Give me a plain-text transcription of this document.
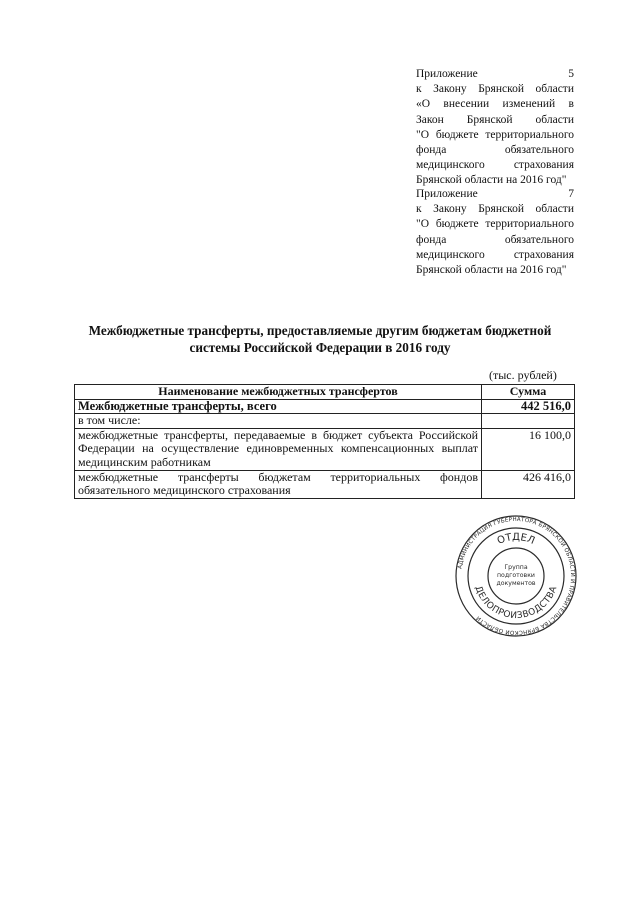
Приложение 5
к Закону Брянской области
«О внесении изменений в
Закон Брянской области
"О бюджете территориального
фонда обязательного
медицинского страхования
Брянской области на 2016 год"
Приложение 7
к Закону Брянской области
"О бюджете территориального
фонда обязательного
медицинского страхования
Брянской области на 2016 год"
Межбюджетные трансферты, предоставляемые другим бюджетам бюджетной
системы Российской Федерации в 2016 году
(тыс. рублей)
Наименование межбюджетных трансфертов	Сумма
Межбюджетные трансферты, всего	442 516,0
в том числе:	
межбюджетные трансферты, передаваемые в бюджет субъекта Российской Федерации на осуществление единовременных компенсационных выплат медицинским работникам	16 100,0
межбюджетные трансферты бюджетам территориальных фондов обязательного медицинского страхования	426 416,0
АДМИНИСТРАЦИЯ ГУБЕРНАТОРА БРЯНСКОЙ ОБЛАСТИ И ПРАВИТЕЛЬСТВА БРЯНСКОЙ ОБЛАСТИ
ОТДЕЛ
ДЕЛОПРОИЗВОДСТВА
Группа
подготовки
документов
